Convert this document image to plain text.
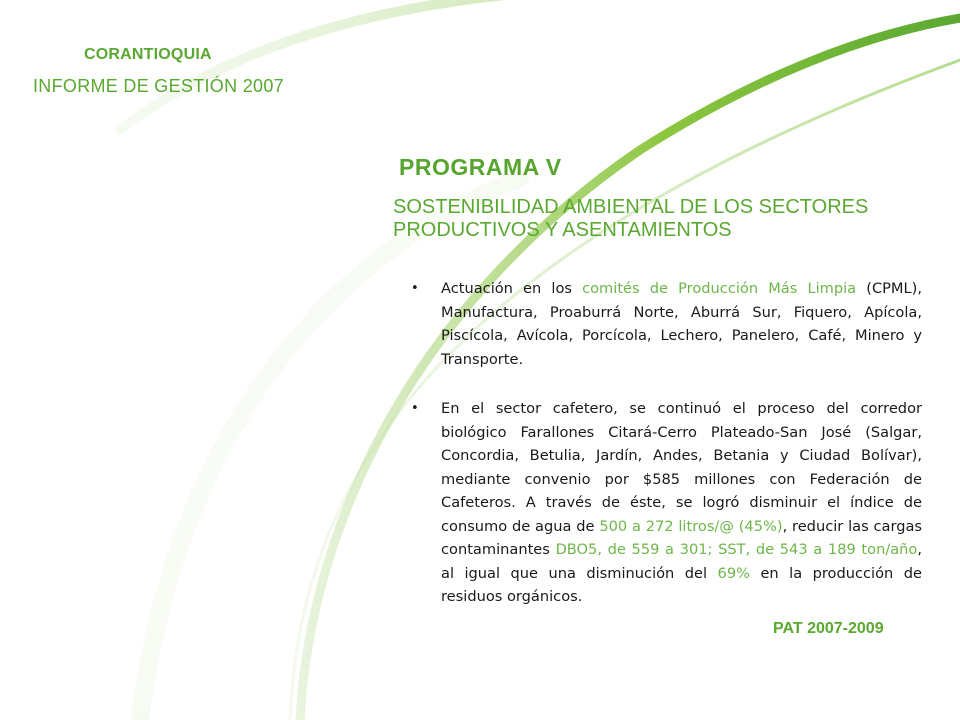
CORANTIOQUIA
INFORME DE GESTIÓN 2007
PROGRAMA V
SOSTENIBILIDAD AMBIENTAL DE LOS SECTORES PRODUCTIVOS Y ASENTAMIENTOS
• Actuación en los comités de Producción Más Limpia (CPML), Manufactura, Proaburrá Norte, Aburrá Sur, Fiquero, Apícola, Piscícola, Avícola, Porcícola, Lechero, Panelero, Café, Minero y Transporte.
• En el sector cafetero, se continuó el proceso del corredor biológico Farallones Citará-Cerro Plateado-San José (Salgar, Concordia, Betulia, Jardín, Andes, Betania y Ciudad Bolívar), mediante convenio por $585 millones con Federación de Cafeteros. A través de éste, se logró disminuir el índice de consumo de agua de 500 a 272 litros/@ (45%), reducir las cargas contaminantes DBO5, de 559 a 301; SST, de 543 a 189 ton/año, al igual que una disminución del 69% en la producción de residuos orgánicos.
PAT 2007-2009
